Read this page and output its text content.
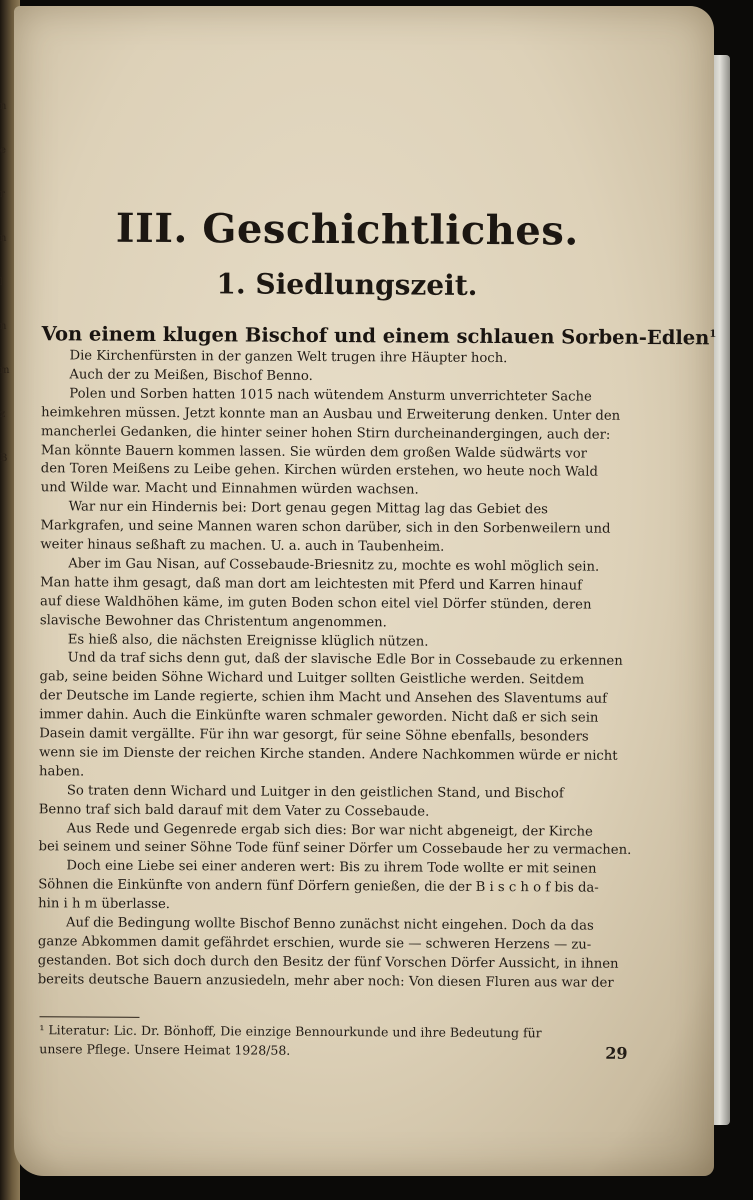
n
e
r
n
l
n
m
z
B
III. Geschichtliches.
1. Siedlungszeit.
Von einem klugen Bischof und einem schlauen Sorben-Edlen$^1$
¹ Literatur: Lic. Dr. Bönhoff, Die einzige Bennourkunde und ihre Bedeutung für
unsere Pflege. Unsere Heimat 1928/58.	29
Die Kirchenfürsten in der ganzen Welt trugen ihre Häupter hoch.
Auch der zu Meißen, Bischof Benno.
Polen und Sorben hatten 1015 nach wütendem Ansturm unverrichteter Sache
heimkehren müssen. Jetzt konnte man an Ausbau und Erweiterung denken. Unter den
mancherlei Gedanken, die hinter seiner hohen Stirn durcheinandergingen, auch der:
Man könnte Bauern kommen lassen. Sie würden dem großen Walde südwärts vor
den Toren Meißens zu Leibe gehen. Kirchen würden erstehen, wo heute noch Wald
und Wilde war. Macht und Einnahmen würden wachsen.
War nur ein Hindernis bei: Dort genau gegen Mittag lag das Gebiet des
Markgrafen, und seine Mannen waren schon darüber, sich in den Sorbenweilern und
weiter hinaus seßhaft zu machen. U. a. auch in Taubenheim.
Aber im Gau Nisan, auf Cossebaude-Briesnitz zu, mochte es wohl möglich sein.
Man hatte ihm gesagt, daß man dort am leichtesten mit Pferd und Karren hinauf
auf diese Waldhöhen käme, im guten Boden schon eitel viel Dörfer stünden, deren
slavische Bewohner das Christentum angenommen.
Es hieß also, die nächsten Ereignisse klüglich nützen.
Und da traf sichs denn gut, daß der slavische Edle Bor in Cossebaude zu erkennen
gab, seine beiden Söhne Wichard und Luitger sollten Geistliche werden. Seitdem
der Deutsche im Lande regierte, schien ihm Macht und Ansehen des Slaventums auf
immer dahin. Auch die Einkünfte waren schmaler geworden. Nicht daß er sich sein
Dasein damit vergällte. Für ihn war gesorgt, für seine Söhne ebenfalls, besonders
wenn sie im Dienste der reichen Kirche standen. Andere Nachkommen würde er nicht
haben.
So traten denn Wichard und Luitger in den geistlichen Stand, und Bischof
Benno traf sich bald darauf mit dem Vater zu Cossebaude.
Aus Rede und Gegenrede ergab sich dies: Bor war nicht abgeneigt, der Kirche
bei seinem und seiner Söhne Tode fünf seiner Dörfer um Cossebaude her zu vermachen.
Doch eine Liebe sei einer anderen wert: Bis zu ihrem Tode wollte er mit seinen
Söhnen die Einkünfte von andern fünf Dörfern genießen, die der B i s c h o f bis da-
hin i h m überlasse.
Auf die Bedingung wollte Bischof Benno zunächst nicht eingehen. Doch da das
ganze Abkommen damit gefährdet erschien, wurde sie — schweren Herzens — zu-
gestanden. Bot sich doch durch den Besitz der fünf Vorschen Dörfer Aussicht, in ihnen
bereits deutsche Bauern anzusiedeln, mehr aber noch: Von diesen Fluren aus war der
